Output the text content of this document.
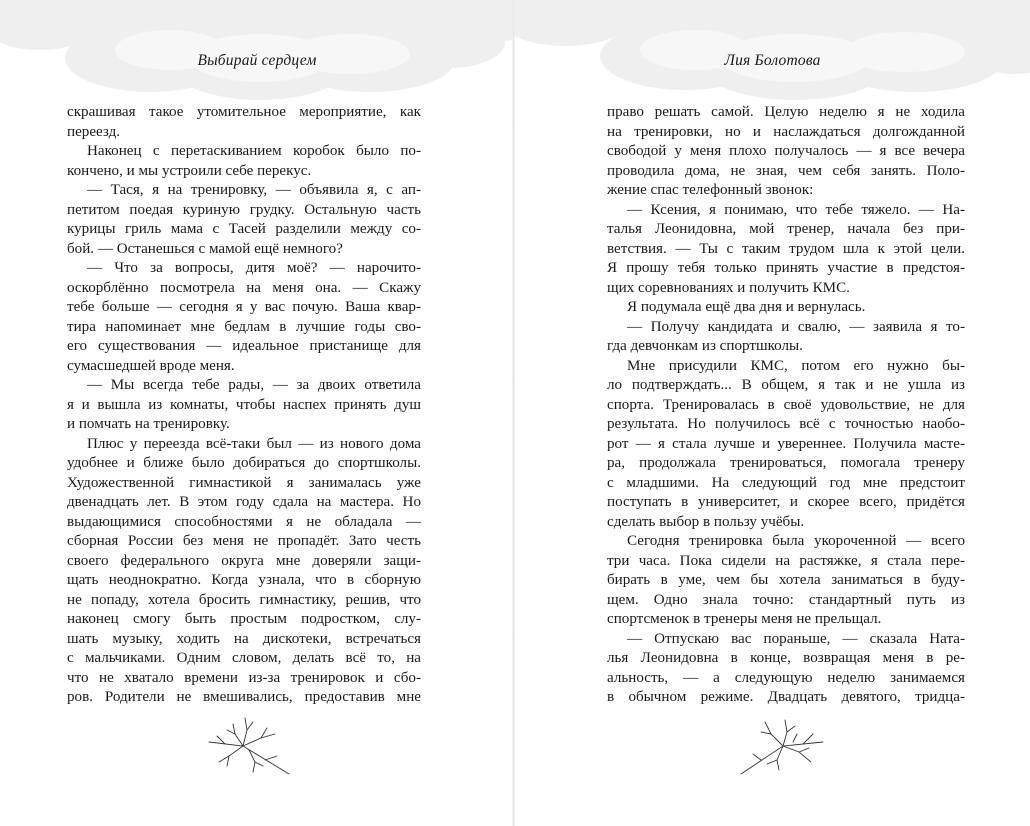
Выбирай сердцем
скрашивая такое утомительное мероприятие, как
переезд.
Наконец с перетаскиванием коробок было по-
кончено, и мы устроили себе перекус.
— Тася, я на тренировку, — объявила я, с ап-
петитом поедая куриную грудку. Остальную часть
курицы гриль мама с Тасей разделили между со-
бой. — Останешься с мамой ещё немного?
— Что за вопросы, дитя моё? — нарочито-
оскорблённо посмотрела на меня она. — Скажу
тебе больше — сегодня я у вас почую. Ваша квар-
тира напоминает мне бедлам в лучшие годы сво-
его существования — идеальное пристанище для
сумасшедшей вроде меня.
— Мы всегда тебе рады, — за двоих ответила
я и вышла из комнаты, чтобы наспех принять душ
и помчать на тренировку.
Плюс у переезда всё-таки был — из нового дома
удобнее и ближе было добираться до спортшколы.
Художественной гимнастикой я занималась уже
двенадцать лет. В этом году сдала на мастера. Но
выдающимися способностями я не обладала —
сборная России без меня не пропадёт. Зато честь
своего федерального округа мне доверяли защи-
щать неоднократно. Когда узнала, что в сборную
не попаду, хотела бросить гимнастику, решив, что
наконец смогу быть простым подростком, слу-
шать музыку, ходить на дискотеки, встречаться
с мальчиками. Одним словом, делать всё то, на
что не хватало времени из-за тренировок и сбо-
ров. Родители не вмешивались, предоставив мне
Лия Болотова
право решать самой. Целую неделю я не ходила
на тренировки, но и наслаждаться долгожданной
свободой у меня плохо получалось — я все вечера
проводила дома, не зная, чем себя занять. Поло-
жение спас телефонный звонок:
— Ксения, я понимаю, что тебе тяжело. — На-
талья Леонидовна, мой тренер, начала без при-
ветствия. — Ты с таким трудом шла к этой цели.
Я прошу тебя только принять участие в предстоя-
щих соревнованиях и получить КМС.
Я подумала ещё два дня и вернулась.
— Получу кандидата и свалю, — заявила я то-
гда девчонкам из спортшколы.
Мне присудили КМС, потом его нужно бы-
ло подтверждать... В общем, я так и не ушла из
спорта. Тренировалась в своё удовольствие, не для
результата. Но получилось всё с точностью наобо-
рот — я стала лучше и увереннее. Получила масте-
ра, продолжала тренироваться, помогала тренеру
с младшими. На следующий год мне предстоит
поступать в университет, и скорее всего, придётся
сделать выбор в пользу учёбы.
Сегодня тренировка была укороченной — всего
три часа. Пока сидели на растяжке, я стала пере-
бирать в уме, чем бы хотела заниматься в буду-
щем. Одно знала точно: стандартный путь из
спортсменок в тренеры меня не прельщал.
— Отпускаю вас пораньше, — сказала Ната-
лья Леонидовна в конце, возвращая меня в ре-
альность, — а следующую неделю занимаемся
в обычном режиме. Двадцать девятого, тридца-
